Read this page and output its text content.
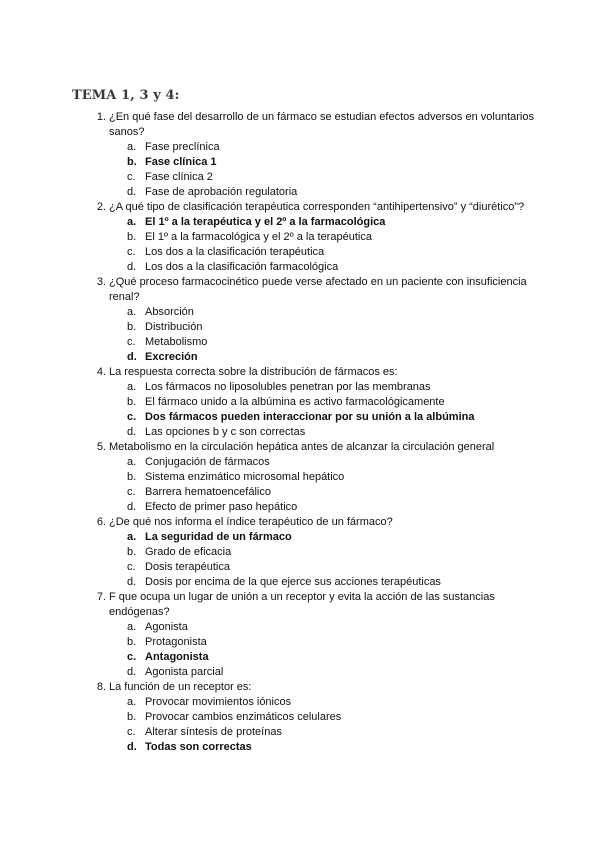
TEMA 1, 3 y 4:
1. ¿En qué fase del desarrollo de un fármaco se estudian efectos adversos en voluntarios sanos?
a. Fase preclínica
b. Fase clínica 1
c. Fase clínica 2
d. Fase de aprobación regulatoria
2. ¿A qué tipo de clasificación terapéutica corresponden “antihipertensivo” y “diurético”?
a. El 1º a la terapéutica y el 2º a la farmacológica
b. El 1º a la farmacológica y el 2º a la terapéutica
c. Los dos a la clasificación terapéutica
d. Los dos a la clasificación farmacológica
3. ¿Qué proceso farmacocinético puede verse afectado en un paciente con insuficiencia renal?
a. Absorción
b. Distribución
c. Metabolismo
d. Excreción
4. La respuesta correcta sobre la distribución de fármacos es:
a. Los fármacos no liposolubles penetran por las membranas
b. El fármaco unido a la albúmina es activo farmacológicamente
c. Dos fármacos pueden interaccionar por su unión a la albúmina
d. Las opciones b y c son correctas
5. Metabolismo en la circulación hepática antes de alcanzar la circulación general
a. Conjugación de fármacos
b. Sistema enzimático microsomal hepático
c. Barrera hematoencefálico
d. Efecto de primer paso hepático
6. ¿De qué nos informa el índice terapéutico de un fármaco?
a. La seguridad de un fármaco
b. Grado de eficacia
c. Dosis terapéutica
d. Dosis por encima de la que ejerce sus acciones terapéuticas
7. F que ocupa un lugar de unión a un receptor y evita la acción de las sustancias endógenas?
a. Agonista
b. Protagonista
c. Antagonista
d. Agonista parcial
8. La función de un receptor es:
a. Provocar movimientos iónicos
b. Provocar cambios enzimáticos celulares
c. Alterar síntesis de proteínas
d. Todas son correctas
